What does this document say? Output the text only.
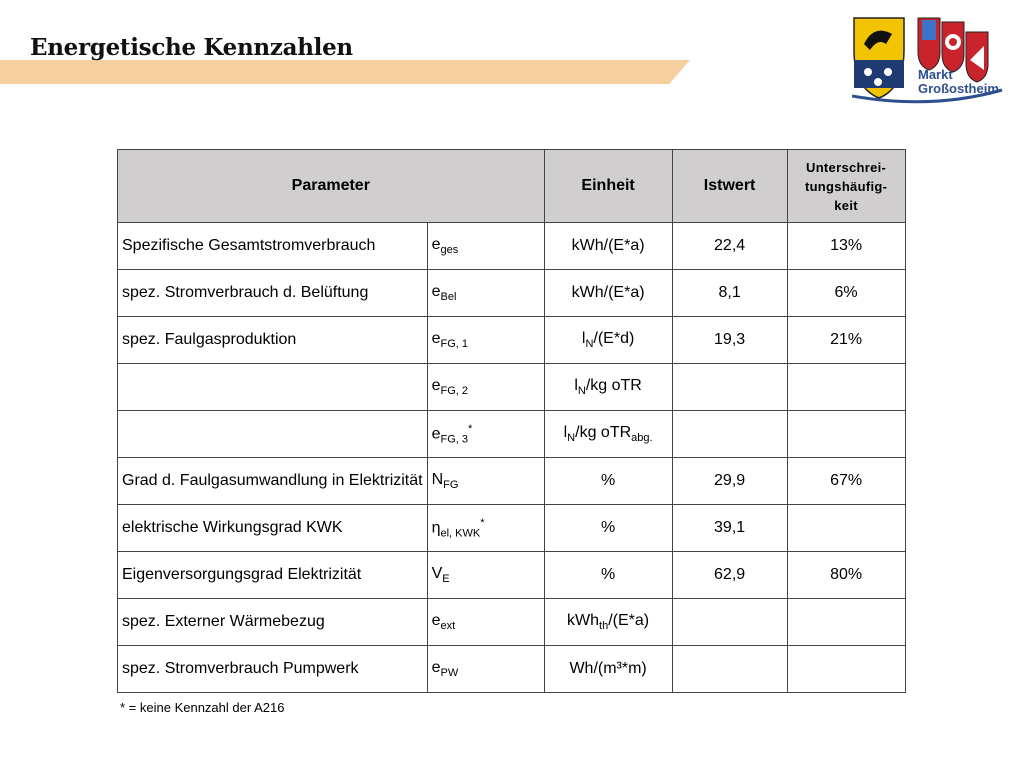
Energetische Kennzahlen
Markt
Großostheim
Parameter		Einheit	Istwert	Unterschrei-
tungshäufig-
keit
Spezifische Gesamtstromverbrauch	$e_{ges}$	kWh/(E*a)	22,4	13%
spez. Stromverbrauch d. Belüftung	$e_{Bel}$	kWh/(E*a)	8,1	6%
spez. Faulgasproduktion	$e_{FG, 1}$	$l_N/(E*d)$	19,3	21%
	$e_{FG, 2}$	$l_N/kg$ oTR		
	$e_{FG, 3}^*$	$l_N/kg$ oTR$_{abg.}$		
Grad d. Faulgasumwandlung in Elektrizität	$N_{FG}$	%	29,9	67%
elektrische Wirkungsgrad KWK	$\eta_{el, KWK}^*$	%	39,1	
Eigenversorgungsgrad Elektrizität	$V_E$	%	62,9	80%
spez. Externer Wärmebezug	$e_{ext}$	kWh$_{th}$/(E*a)		
spez. Stromverbrauch Pumpwerk	$e_{PW}$	Wh/(m³*m)		
* = keine Kennzahl der A216
